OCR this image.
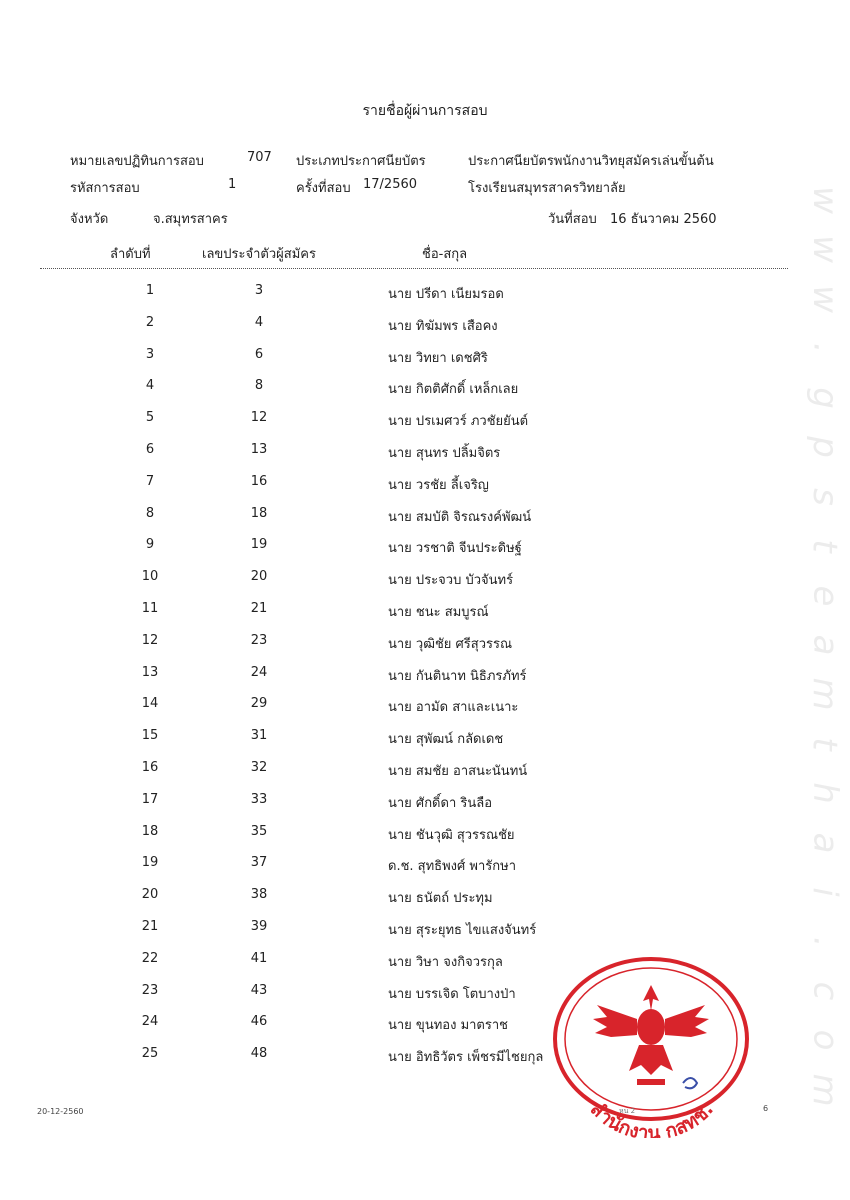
รายชื่อผู้ผ่านการสอบ
หมายเลขปฏิทินการสอบ	707 ประเภทประกาศนียบัตร	ประกาศนียบัตรพนักงานวิทยุสมัครเล่นขั้นต้น
รหัสการสอบ	1	ครั้งที่สอบ 17/2560	โรงเรียนสมุทรสาครวิทยาลัย
จังหวัด	จ.สมุทรสาคร	วันที่สอบ 16 ธันวาคม 2560
ลำดับที่	เลขประจำตัวผู้สมัคร	ชื่อ-สกุล
1	3	นาย ปรีดา เนียมรอด
2	4	นาย ทิฆัมพร เสือคง
3	6	นาย วิทยา เดชศิริ
4	8	นาย กิตติศักดิ์ เหล็กเลย
5	12	นาย ปรเมศวร์ ภวชัยยันต์
6	13	นาย สุนทร ปลิ้มจิตร
7	16	นาย วรชัย ลี้เจริญ
8	18	นาย สมบัติ จิรณรงค์พัฒน์
9	19	นาย วรชาติ จีนประดิษฐ์
10	20	นาย ประจวบ บัวจันทร์
11	21	นาย ชนะ สมบูรณ์
12	23	นาย วุฒิชัย ศรีสุวรรณ
13	24	นาย กันตินาท นิธิภรภัทร์
14	29	นาย อามัด สาและเนาะ
15	31	นาย สุพัฒน์ กลัดเดช
16	32	นาย สมชัย อาสนะนันทน์
17	33	นาย ศักดิ์ดา รินลือ
18	35	นาย ชันวุฒิ สุวรรณชัย
19	37	ด.ช. สุทธิพงศ์ พารักษา
20	38	นาย ธนัตถ์ ประทุม
21	39	นาย สุระยุทธ ไขแสงจันทร์
22	41	นาย วิษา จงกิจวรกุล
23	43	นาย บรรเจิด โตบางป่า
24	46	นาย ขุนทอง มาตราช
25	48	นาย อิทธิวัตร เพ็ชรมีไชยกุล
w
w
w
.
g
p
s
t
e
a
m
t
h
a
i
.
c
o
m
สำนักงาน กสทช.
20-12-2560	หน 2	6
